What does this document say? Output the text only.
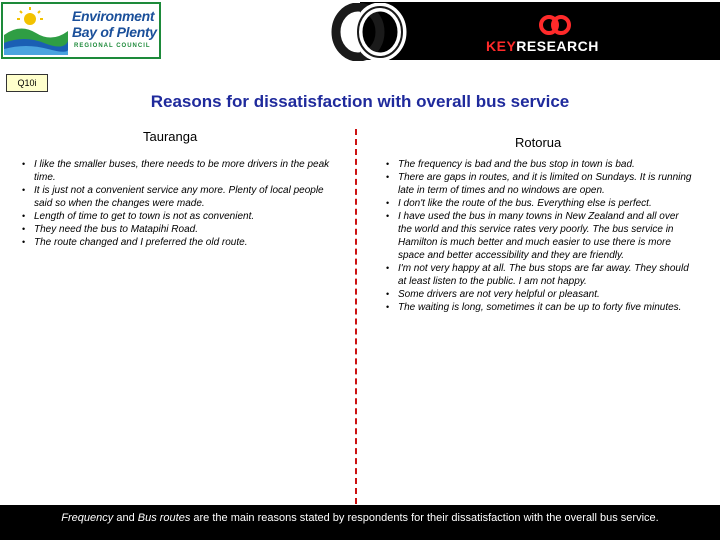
Environment
Bay of Plenty
REGIONAL COUNCIL	KEYRESEARCH
Q10i
Reasons for dissatisfaction with overall bus service
Tauranga	Rotorua
• I like the smaller buses, there needs to be more drivers in the peak time.
• It is just not a convenient service any more. Plenty of local people said so when the changes were made.
• Length of time to get to town is not as convenient.
• They need the bus to Matapihi Road.
• The route changed and I preferred the old route.
• The frequency is bad and the bus stop in town is bad.
• There are gaps in routes, and it is limited on Sundays. It is running late in term of times and no windows are open.
• I don't like the route of the bus. Everything else is perfect.
• I have used the bus in many towns in New Zealand and all over the world and this service rates very poorly. The bus service in Hamilton is much better and much easier to use there is more space and better accessibility and they are friendly.
• I'm not very happy at all. The bus stops are far away. They should at least listen to the public. I am not happy.
• Some drivers are not very helpful or pleasant.
• The waiting is long, sometimes it can be up to forty five minutes.
Frequency and Bus routes are the main reasons stated by respondents for their dissatisfaction with the overall bus service.
